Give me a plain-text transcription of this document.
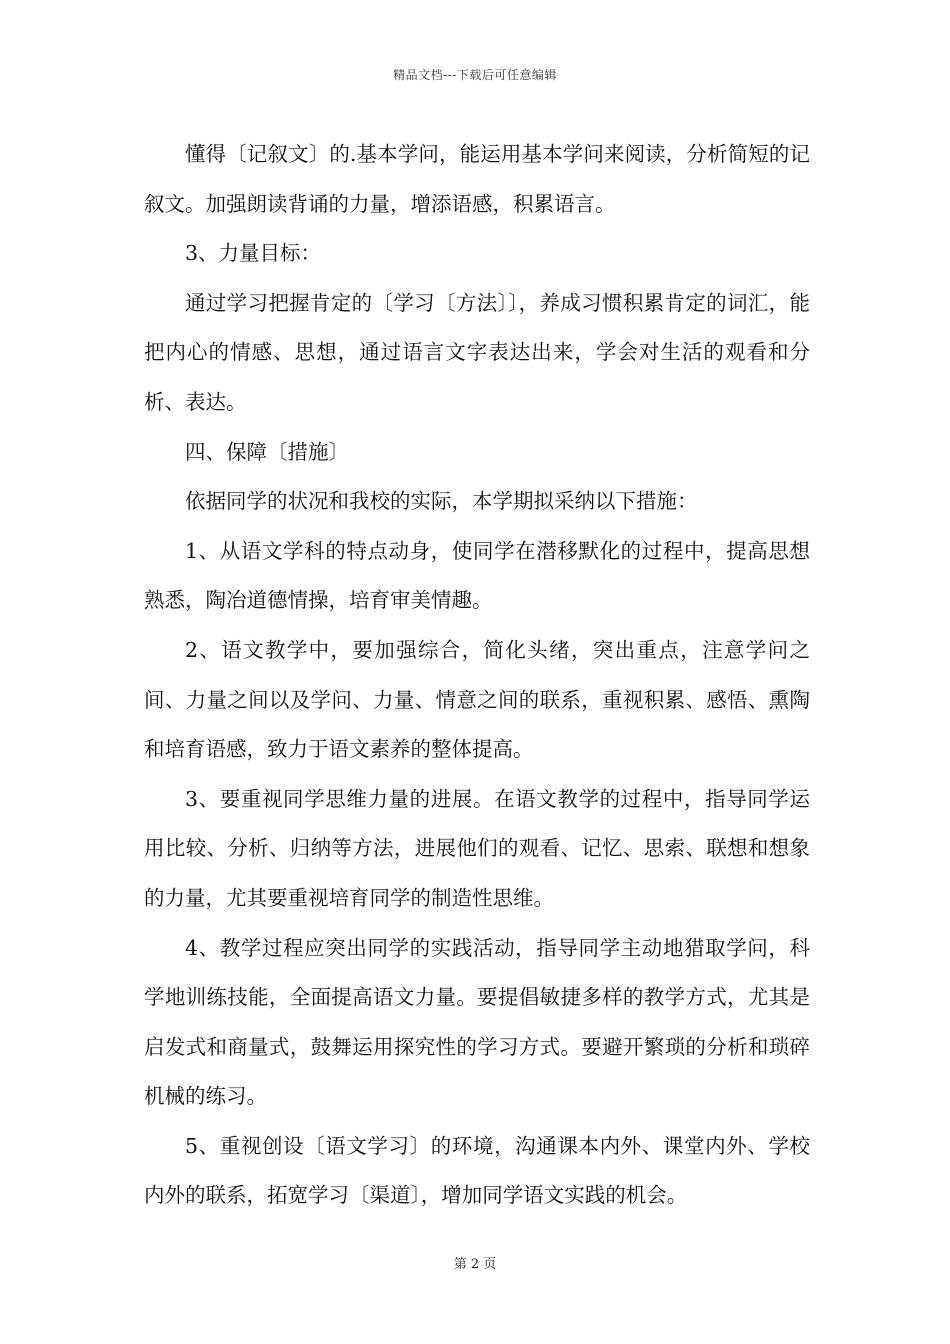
精品文档---下载后可任意编辑

懂得〔记叙文〕的.基本学问，能运用基本学问来阅读，分析简短的记叙文。加强朗读背诵的力量，增添语感，积累语言。

3、力量目标：

通过学习把握肯定的〔学习〔方法〕〕，养成习惯积累肯定的词汇，能把内心的情感、思想，通过语言文字表达出来，学会对生活的观看和分析、表达。

四、保障〔措施〕

依据同学的状况和我校的实际，本学期拟采纳以下措施：

1、从语文学科的特点动身，使同学在潜移默化的过程中，提高思想熟悉，陶冶道德情操，培育审美情趣。

2、语文教学中，要加强综合，简化头绪，突出重点，注意学问之间、力量之间以及学问、力量、情意之间的联系，重视积累、感悟、熏陶和培育语感，致力于语文素养的整体提高。

3、要重视同学思维力量的进展。在语文教学的过程中，指导同学运用比较、分析、归纳等方法，进展他们的观看、记忆、思索、联想和想象的力量，尤其要重视培育同学的制造性思维。

4、教学过程应突出同学的实践活动，指导同学主动地猎取学问，科学地训练技能，全面提高语文力量。要提倡敏捷多样的教学方式，尤其是启发式和商量式，鼓舞运用探究性的学习方式。要避开繁琐的分析和琐碎机械的练习。

5、重视创设〔语文学习〕的环境，沟通课本内外、课堂内外、学校内外的联系，拓宽学习〔渠道〕，增加同学语文实践的机会。

第 2 页
